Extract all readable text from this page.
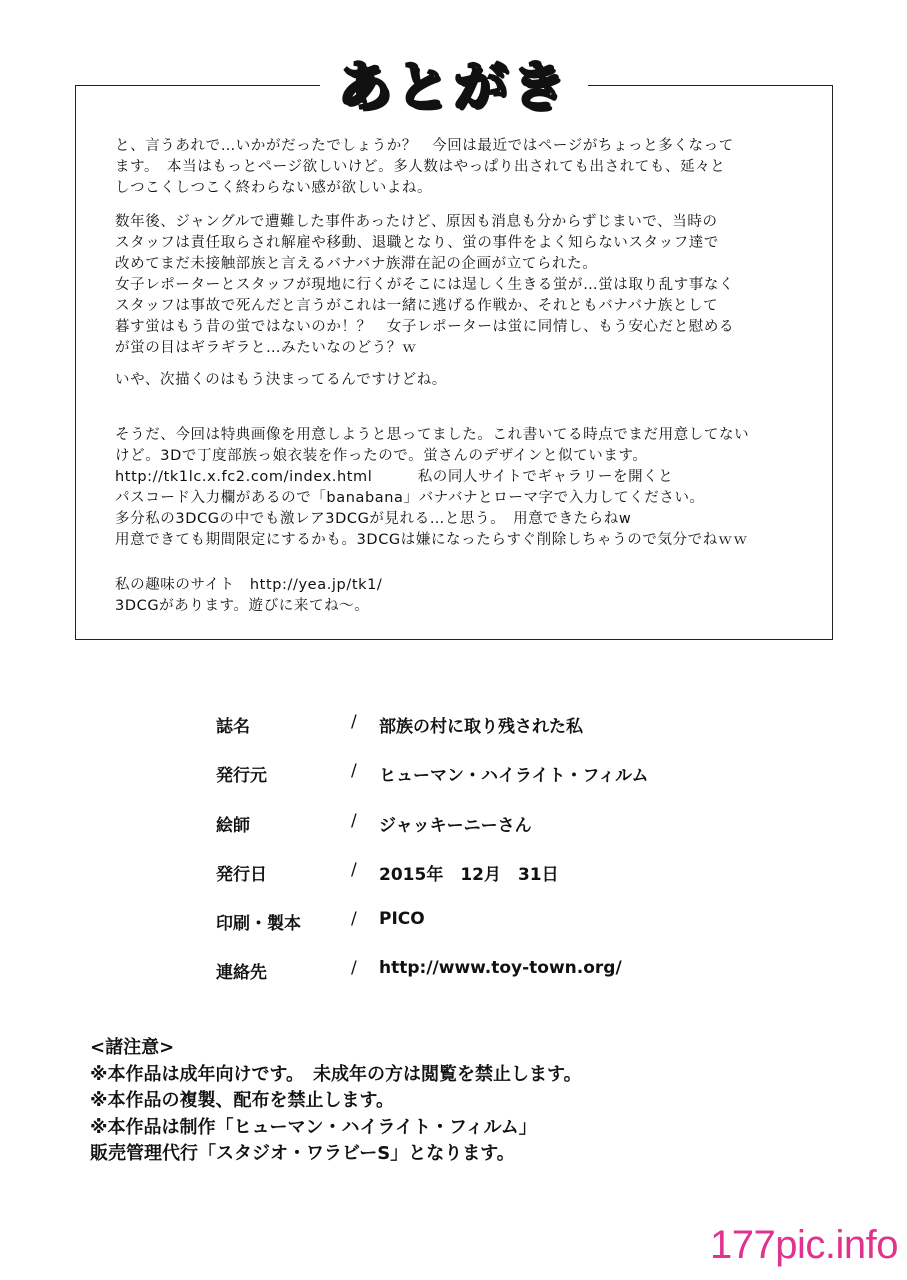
あとがき
と、言うあれで…いかがだったでしょうか？　今回は最近ではページがちょっと多くなって
ます。　本当はもっとページ欲しいけど。多人数はやっぱり出されても出されても、延々と
しつこくしつこく終わらない感が欲しいよね。
数年後、ジャングルで遭難した事件あったけど、原因も消息も分からずじまいで、当時の
スタッフは責任取らされ解雇や移動、退職となり、蛍の事件をよく知らないスタッフ達で
改めてまだ未接触部族と言えるバナバナ族滞在記の企画が立てられた。
女子レポーターとスタッフが現地に行くがそこには逞しく生きる蛍が…蛍は取り乱す事なく
スタッフは事故で死んだと言うがこれは一緒に逃げる作戦か、それともバナバナ族として
暮す蛍はもう昔の蛍ではないのか！？　女子レポーターは蛍に同情し、もう安心だと慰める
が蛍の目はギラギラと…みたいなのどう？ｗ
いや、次描くのはもう決まってるんですけどね。
そうだ、今回は特典画像を用意しようと思ってました。これ書いてる時点でまだ用意してない
けど。3Dで丁度部族っ娘衣装を作ったので。蛍さんのデザインと似ています。
http://tk1lc.x.fc2.com/index.html　　　私の同人サイトでギャラリーを開くと
パスコード入力欄があるので「banabana」バナバナとローマ字で入力してください。
多分私の3DCGの中でも激レア3DCGが見れる…と思う。　用意できたらねw
用意できても期間限定にするかも。3DCGは嫌になったらすぐ削除しちゃうので気分でねｗｗ
私の趣味のサイト　http://yea.jp/tk1/
3DCGがあります。遊びに来てね～。
誌名	/ 部族の村に取り残された私
発行元	/ ヒューマン・ハイライト・フィルム
絵師	/ ジャッキーニーさん
発行日	/ 2015年　12月　31日
印刷・製本	/ PICO
連絡先	/ http://www.toy-town.org/
<諸注意>
※本作品は成年向けです。　未成年の方は閲覧を禁止します。
※本作品の複製、配布を禁止します。
※本作品は制作「ヒューマン・ハイライト・フィルム」
販売管理代行「スタジオ・ワラビーS」となります。
177pic.info
